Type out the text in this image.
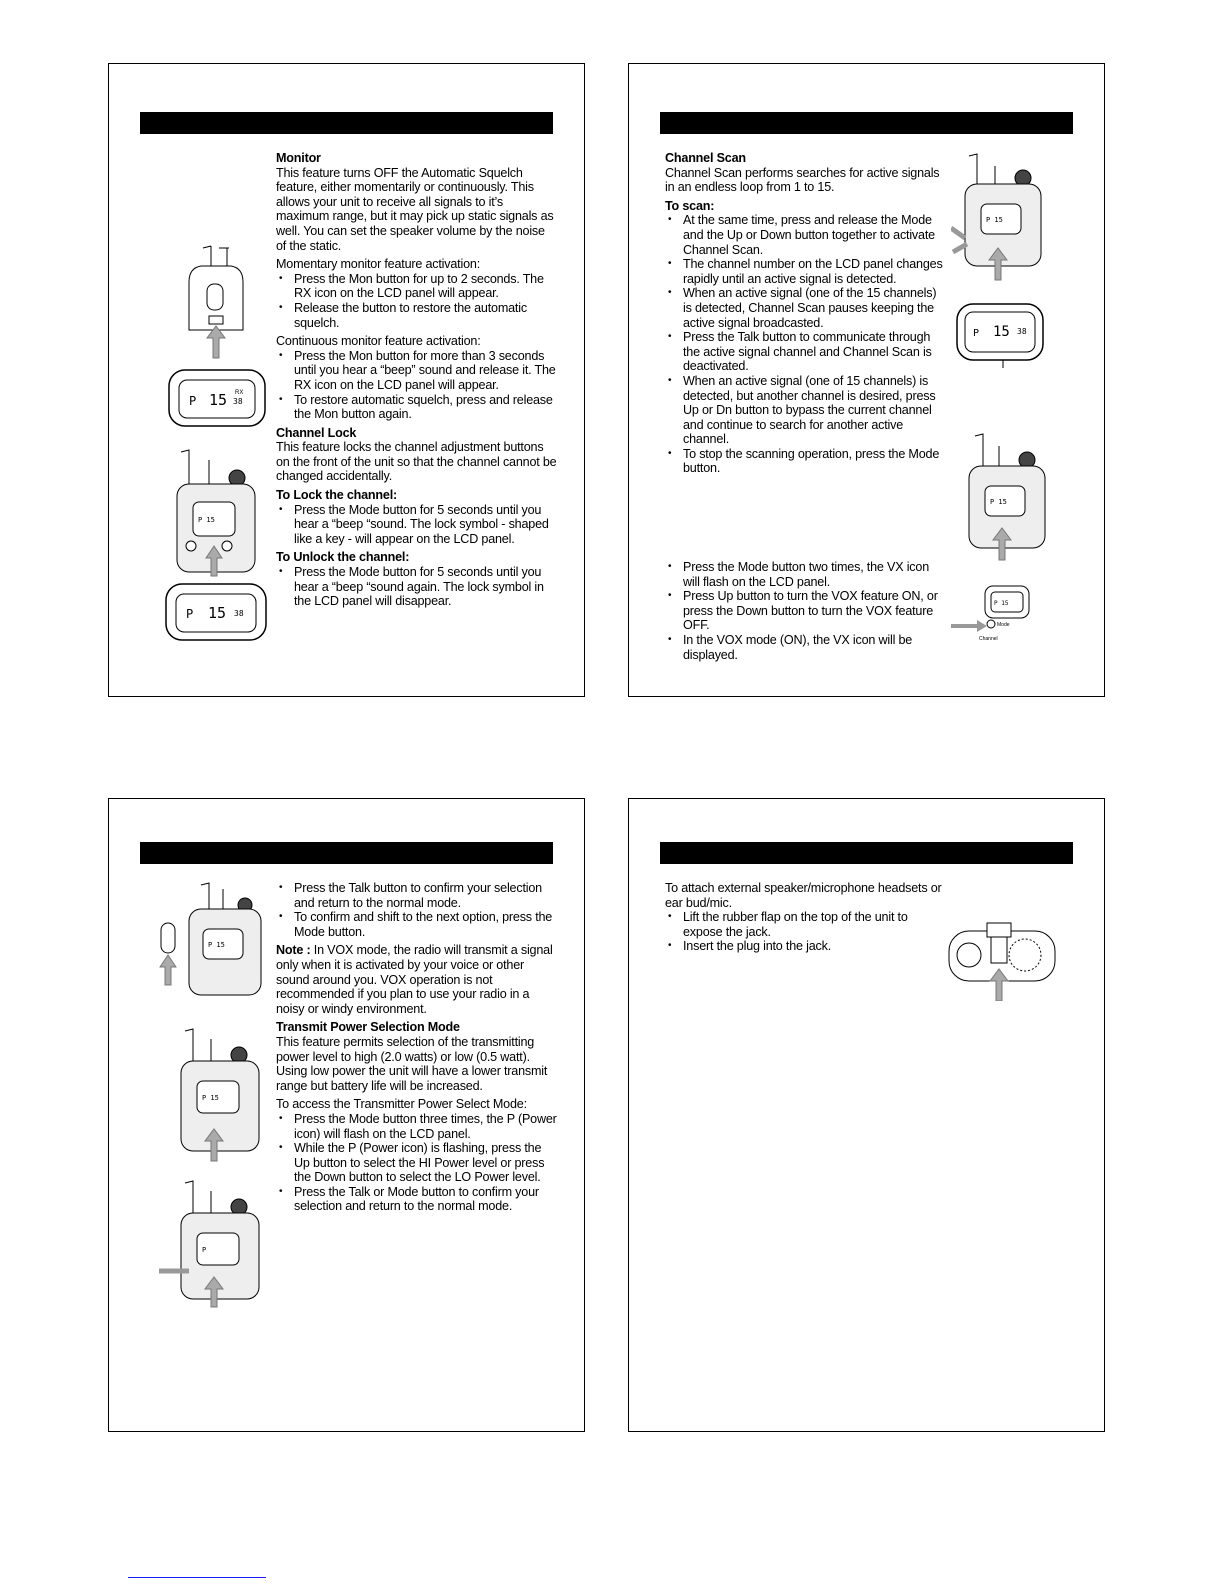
P 15 38
RX
P 15
P 15 38

Monitor

This feature turns OFF the Automatic Squelch feature, either momentarily or continuously. This allows your unit to receive all signals to it’s maximum range, but it may pick up static signals as well. You can set the speaker volume by the noise of the static.

Momentary monitor feature activation:

• Press the Mon button for up to 2 seconds. The RX icon on the LCD panel will appear.
• Release the button to restore the automatic squelch.

Continuous monitor feature activation:

• Press the Mon button for more than 3 seconds until you hear a “beep” sound and release it. The RX icon on the LCD panel will appear.
• To restore automatic squelch, press and release the Mon button again.

Channel Lock

This feature locks the channel adjustment buttons on the front of the unit so that the channel cannot be changed accidentally.

To Lock the channel:

• Press the Mode button for 5 seconds until you hear a “beep “sound. The lock symbol - shaped like a key - will appear on the LCD panel.

To Unlock the channel:

• Press the Mode button for 5 seconds until you hear a “beep “sound again. The lock symbol in the LCD panel will disappear.
P 15
P 15 38
P 15
P 15
Mode
Channel

Channel Scan

Channel Scan performs searches for active signals in an endless loop from 1 to 15.

To scan:

• At the same time, press and release the Mode and the Up or Down button together to activate Channel Scan.
• The channel number on the LCD panel changes rapidly until an active signal is detected.
• When an active signal (one of the 15 channels) is detected, Channel Scan pauses keeping the active signal broadcasted.
• Press the Talk button to communicate through the active signal channel and Channel Scan is deactivated.
• When an active signal (one of 15 channels) is detected, but another channel is desired, press Up or Dn button to bypass the current channel and continue to search for another active channel.
• To stop the scanning operation, press the Mode button.
• Press the Mode button two times, the VX icon will flash on the LCD panel.
• Press Up button to turn the VOX feature ON, or press the Down button to turn the VOX feature OFF.
• In the VOX mode (ON), the VX icon will be displayed.
P 15
P 15
P
• Press the Talk button to confirm your selection and return to the normal mode.
• To confirm and shift to the next option, press the Mode button.

Note : In VOX mode, the radio will transmit a signal only when it is activated by your voice or other sound around you. VOX operation is not recommended if you plan to use your radio in a noisy or windy environment.

Transmit Power Selection Mode

This feature permits selection of the transmitting power level to high (2.0 watts) or low (0.5 watt). Using low power the unit will have a lower transmit range but battery life will be increased.

To access the Transmitter Power Select Mode:

• Press the Mode button three times, the P (Power icon) will flash on the LCD panel.
• While the P (Power icon) is flashing, press the Up button to select the HI Power level or press the Down button to select the LO Power level.
• Press the Talk or Mode button to confirm your selection and return to the normal mode.

To attach external speaker/microphone headsets or ear bud/mic.

• Lift the rubber flap on the top of the unit to expose the jack.
• Insert the plug into the jack.
